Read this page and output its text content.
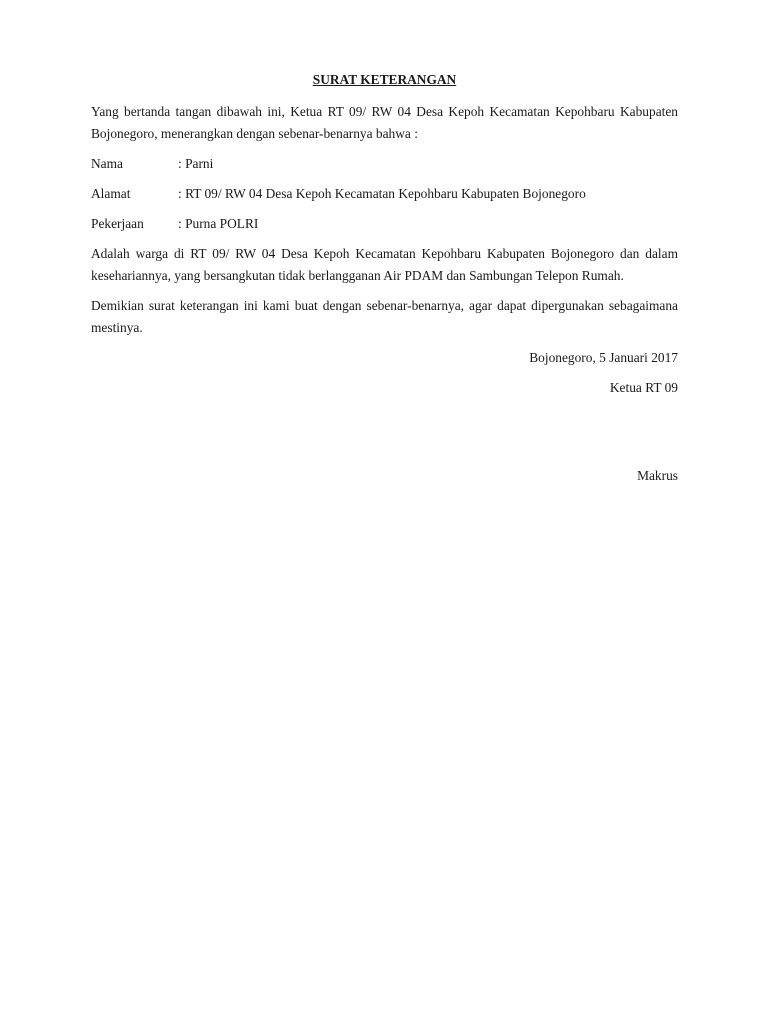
SURAT KETERANGAN
Yang bertanda tangan dibawah ini, Ketua RT 09/ RW 04 Desa Kepoh Kecamatan Kepohbaru Kabupaten Bojonegoro, menerangkan dengan sebenar-benarnya bahwa :
Nama	: Parni
Alamat	: RT 09/ RW 04 Desa Kepoh Kecamatan Kepohbaru Kabupaten Bojonegoro
Pekerjaan	: Purna POLRI
Adalah warga di RT 09/ RW 04 Desa Kepoh Kecamatan Kepohbaru Kabupaten Bojonegoro dan dalam kesehariannya, yang bersangkutan tidak berlangganan Air PDAM dan Sambungan Telepon Rumah.
Demikian surat keterangan ini kami buat dengan sebenar-benarnya, agar dapat dipergunakan sebagaimana mestinya.
Bojonegoro, 5 Januari 2017
Ketua RT 09
Makrus
